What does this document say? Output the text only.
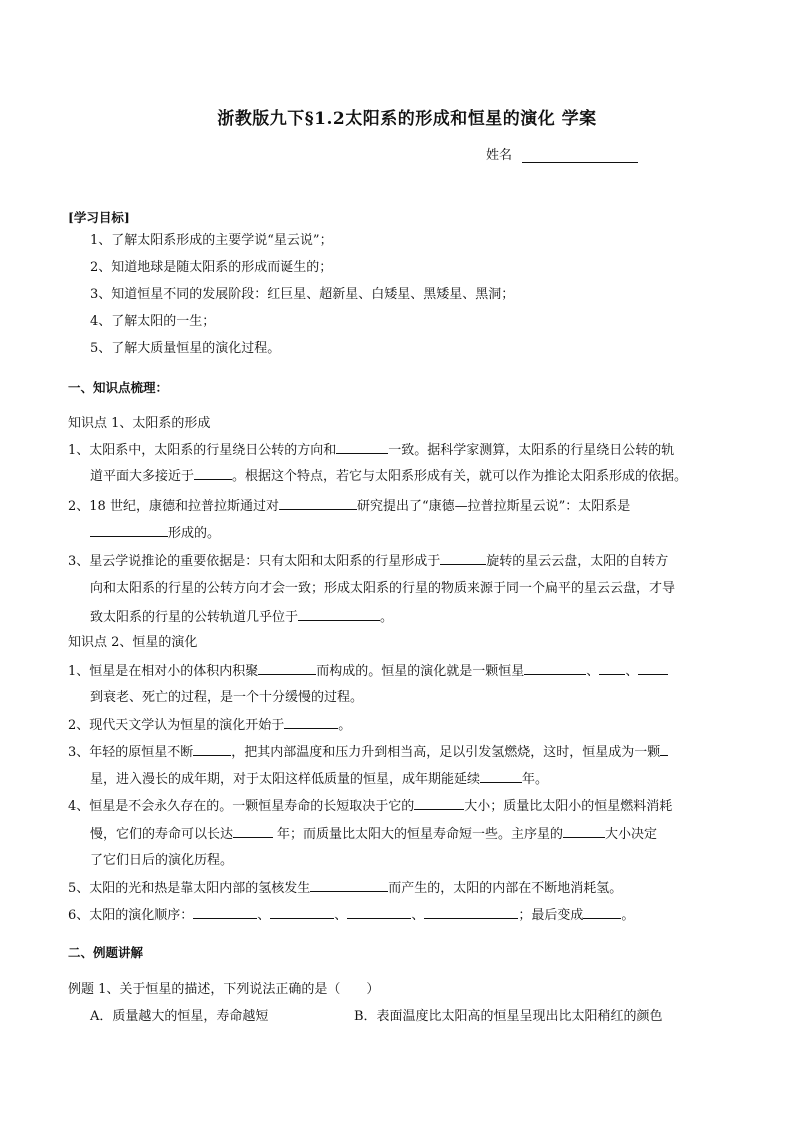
浙教版九下§1.2太阳系的形成和恒星的演化 学案
姓名
[学习目标]
1、了解太阳系形成的主要学说“星云说”；
2、知道地球是随太阳系的形成而诞生的；
3、知道恒星不同的发展阶段：红巨星、超新星、白矮星、黑矮星、黑洞；
4、了解太阳的一生；
5、了解大质量恒星的演化过程。
一、知识点梳理：
知识点 1、太阳系的形成
1、太阳系中，太阳系的行星绕日公转的方向和	一致。据科学家测算，太阳系的行星绕日公转的轨
道平面大多接近于	。根据这个特点，若它与太阳系形成有关，就可以作为推论太阳系形成的依据。
2、18 世纪，康德和拉普拉斯通过对	研究提出了“康德—拉普拉斯星云说”：太阳系是
形成的。
3、星云学说推论的重要依据是：只有太阳和太阳系的行星形成于	旋转的星云云盘，太阳的自转方
向和太阳系的行星的公转方向才会一致；形成太阳系的行星的物质来源于同一个扁平的星云云盘，才导
致太阳系的行星的公转轨道几乎位于	。
知识点 2、恒星的演化
1、恒星是在相对小的体积内积聚	而构成的。恒星的演化就是一颗恒星	、 、
到衰老、死亡的过程，是一个十分缓慢的过程。
2、现代天文学认为恒星的演化开始于	。
3、年轻的原恒星不断	，把其内部温度和压力升到相当高，足以引发氢燃烧，这时，恒星成为一颗
星，进入漫长的成年期，对于太阳这样低质量的恒星，成年期能延续	年。
4、恒星是不会永久存在的。一颗恒星寿命的长短取决于它的	大小；质量比太阳小的恒星燃料消耗
慢，它们的寿命可以长达	年；而质量比太阳大的恒星寿命短一些。主序星的	大小决定
了它们日后的演化历程。
5、太阳的光和热是靠太阳内部的氢核发生	而产生的，太阳的内部在不断地消耗氢。
6、太阳的演化顺序：	、	、	、	；最后变成	。
二、例题讲解
例题 1、关于恒星的描述，下列说法正确的是（　　）
A．质量越大的恒星，寿命越短	B．表面温度比太阳高的恒星呈现出比太阳稍红的颜色
